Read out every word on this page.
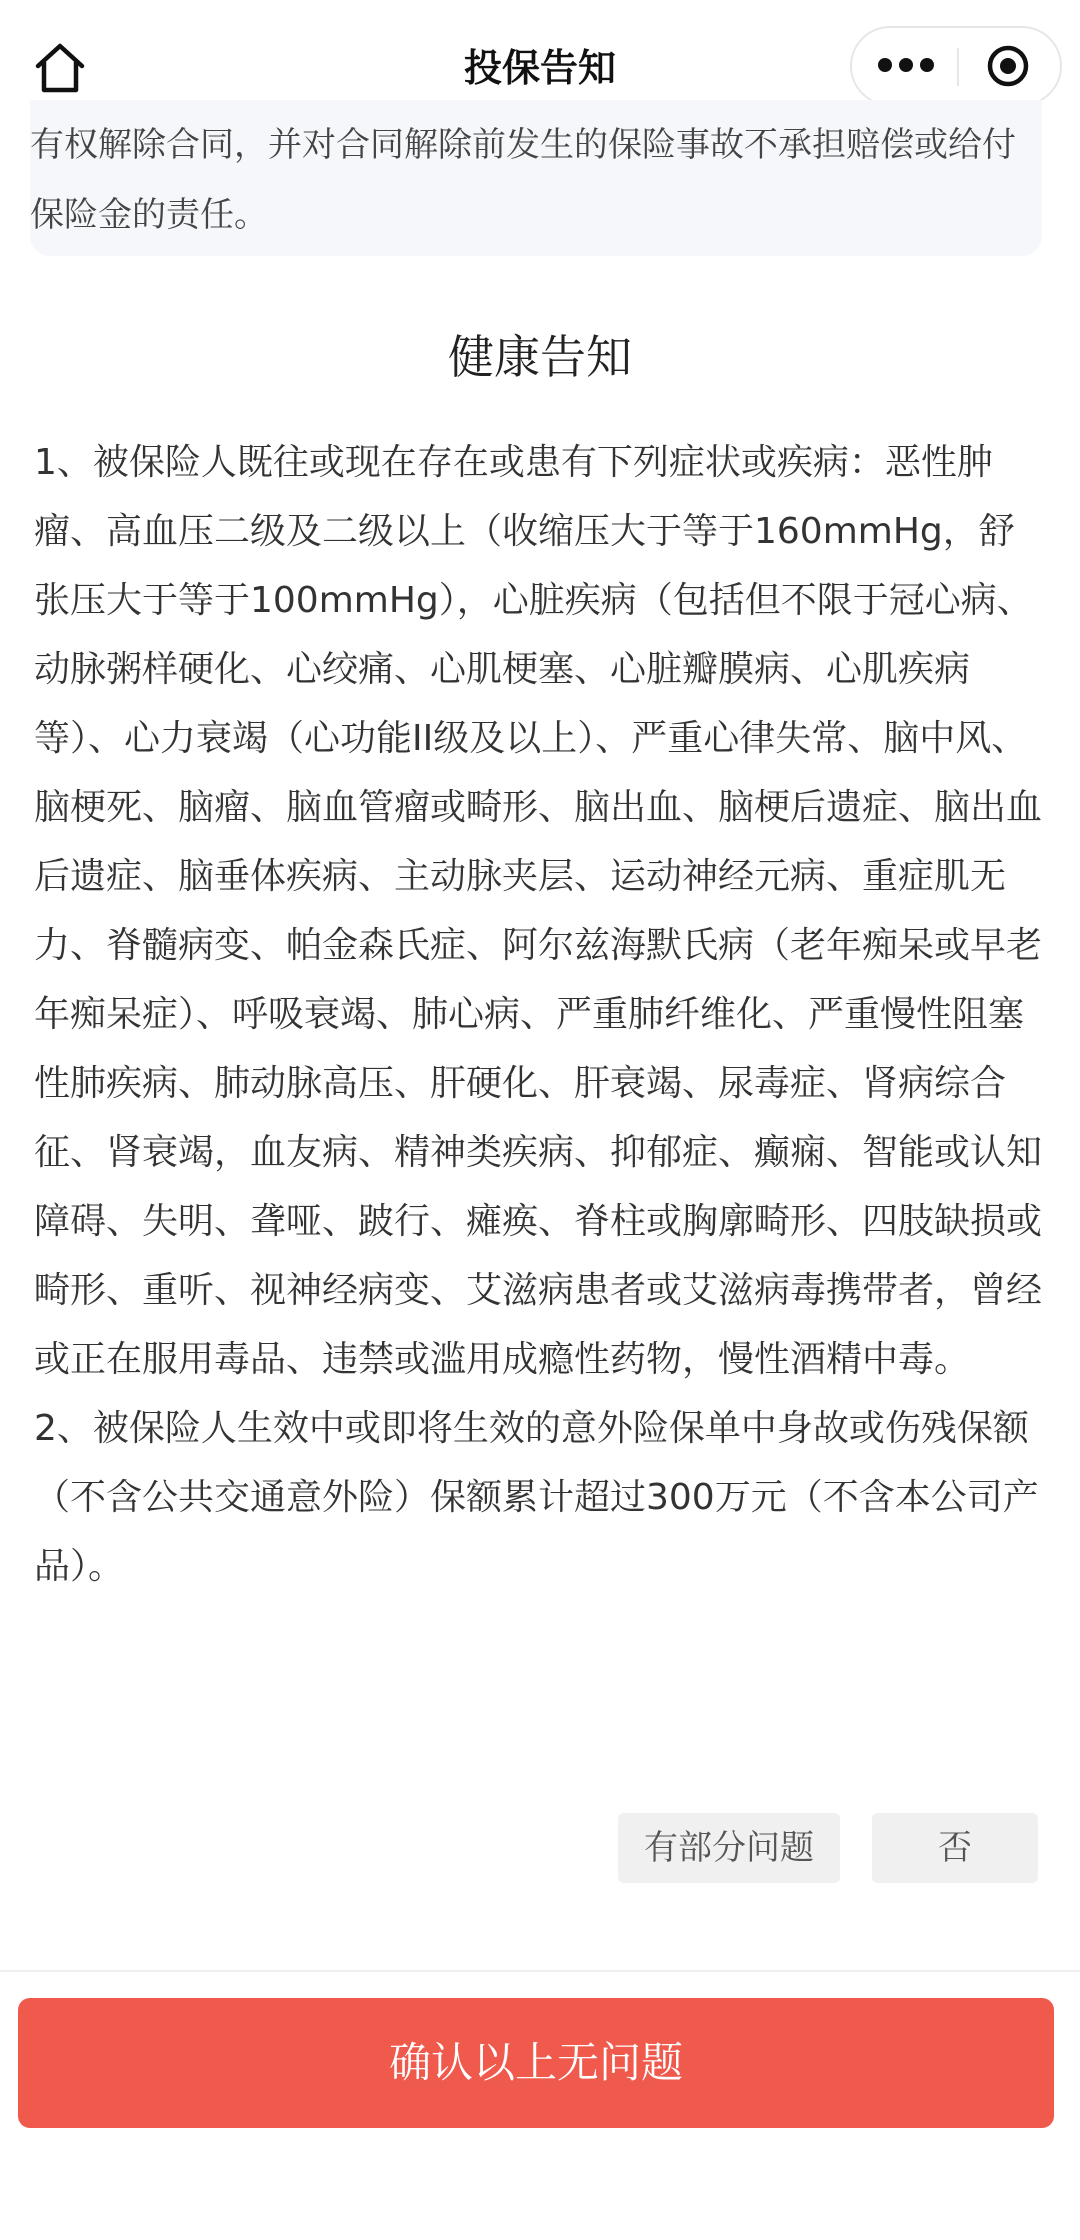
投保告知
有权解除合同，并对合同解除前发生的保险事故不承担赔偿或给付保险金的责任。
健康告知

1、被保险人既往或现在存在或患有下列症状或疾病：恶性肿瘤、高血压二级及二级以上（收缩压大于等于160mmHg，舒张压大于等于100mmHg），心脏疾病（包括但不限于冠心病、动脉粥样硬化、心绞痛、心肌梗塞、心脏瓣膜病、心肌疾病等）、心力衰竭（心功能II级及以上）、严重心律失常、脑中风、脑梗死、脑瘤、脑血管瘤或畸形、脑出血、脑梗后遗症、脑出血后遗症、脑垂体疾病、主动脉夹层、运动神经元病、重症肌无力、脊髓病变、帕金森氏症、阿尔兹海默氏病（老年痴呆或早老年痴呆症）、呼吸衰竭、肺心病、严重肺纤维化、严重慢性阻塞性肺疾病、肺动脉高压、肝硬化、肝衰竭、尿毒症、肾病综合征、肾衰竭，血友病、精神类疾病、抑郁症、癫痫、智能或认知障碍、失明、聋哑、跛行、瘫痪、脊柱或胸廓畸形、四肢缺损或畸形、重听、视神经病变、艾滋病患者或艾滋病毒携带者，曾经或正在服用毒品、违禁或滥用成瘾性药物，慢性酒精中毒。

2、被保险人生效中或即将生效的意外险保单中身故或伤残保额（不含公共交通意外险）保额累计超过300万元（不含本公司产品）。

有部分问题	否
确认以上无问题
